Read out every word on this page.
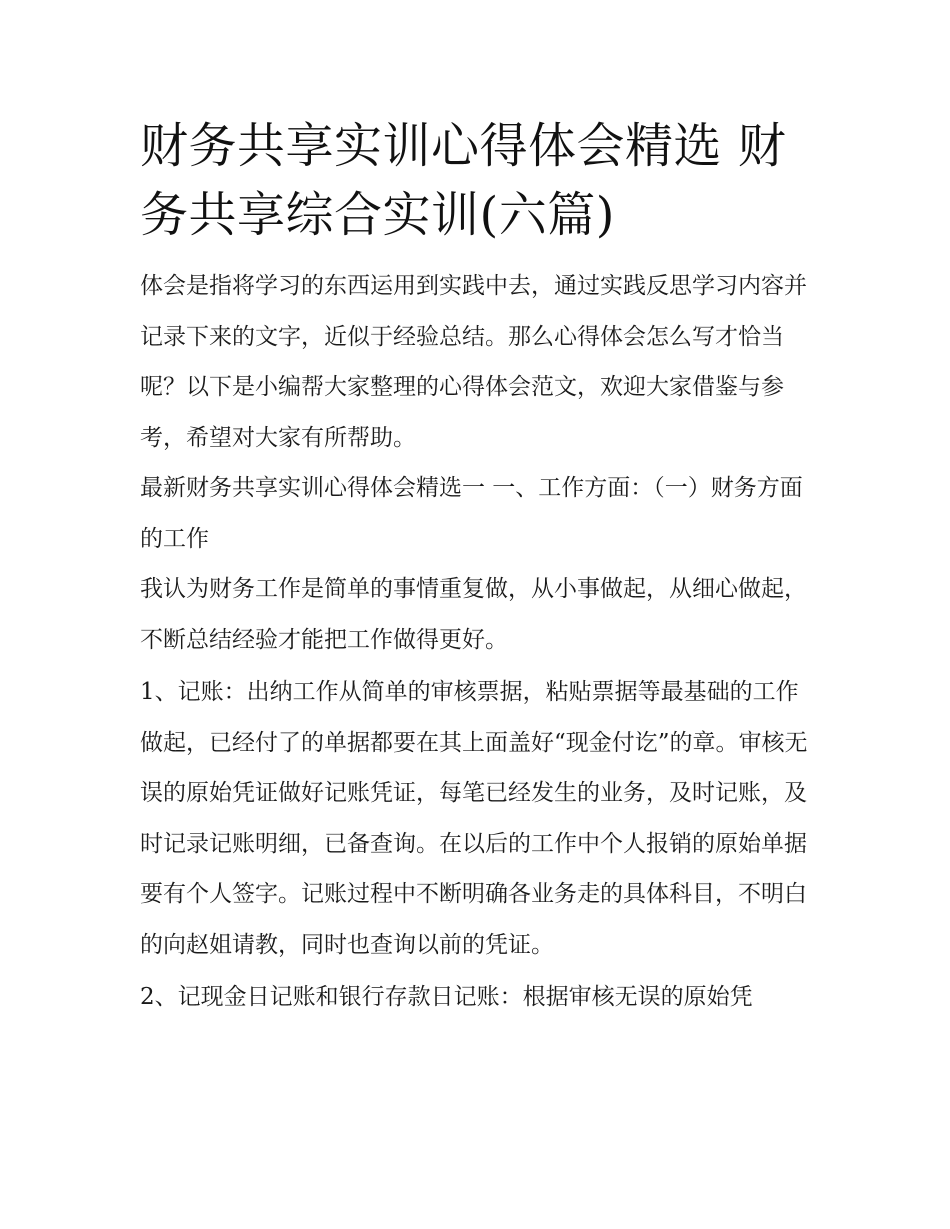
财务共享实训心得体会精选 财务共享综合实训(六篇)

体会是指将学习的东西运用到实践中去，通过实践反思学习内容并记录下来的文字，近似于经验总结。那么心得体会怎么写才恰当呢？以下是小编帮大家整理的心得体会范文，欢迎大家借鉴与参考，希望对大家有所帮助。

最新财务共享实训心得体会精选一 一、工作方面：（一）财务方面的工作

我认为财务工作是简单的事情重复做，从小事做起，从细心做起，不断总结经验才能把工作做得更好。

1、记账：出纳工作从简单的审核票据，粘贴票据等最基础的工作做起，已经付了的单据都要在其上面盖好“现金付讫”的章。审核无误的原始凭证做好记账凭证，每笔已经发生的业务，及时记账，及时记录记账明细，已备查询。在以后的工作中个人报销的原始单据要有个人签字。记账过程中不断明确各业务走的具体科目，不明白的向赵姐请教，同时也查询以前的凭证。

2、记现金日记账和银行存款日记账：根据审核无误的原始凭
